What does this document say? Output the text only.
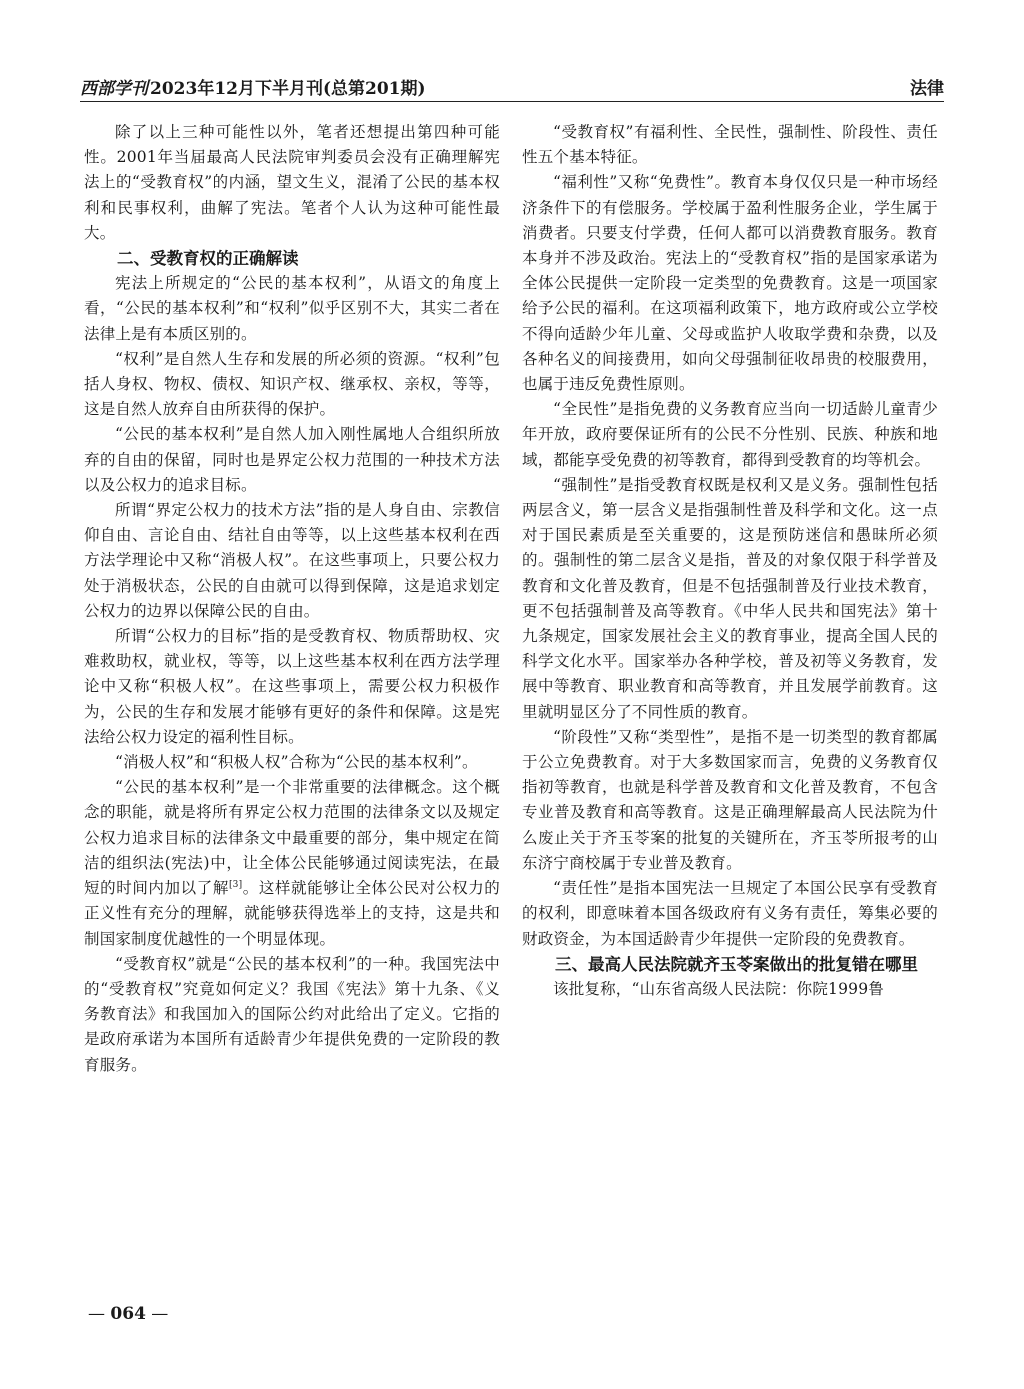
西部学刊 2023年12月下半月刊(总第201期)	法律

除了以上三种可能性以外，笔者还想提出第四种可能性。2001年当届最高人民法院审判委员会没有正确理解宪法上的“受教育权”的内涵，望文生义，混淆了公民的基本权利和民事权利，曲解了宪法。笔者个人认为这种可能性最大。

二、受教育权的正确解读

宪法上所规定的“公民的基本权利”，从语文的角度上看，“公民的基本权利”和“权利”似乎区别不大，其实二者在法律上是有本质区别的。

“权利”是自然人生存和发展的所必须的资源。“权利”包括人身权、物权、债权、知识产权、继承权、亲权，等等，这是自然人放弃自由所获得的保护。

“公民的基本权利”是自然人加入刚性属地人合组织所放弃的自由的保留，同时也是界定公权力范围的一种技术方法以及公权力的追求目标。

所谓“界定公权力的技术方法”指的是人身自由、宗教信仰自由、言论自由、结社自由等等，以上这些基本权利在西方法学理论中又称“消极人权”。在这些事项上，只要公权力处于消极状态，公民的自由就可以得到保障，这是追求划定公权力的边界以保障公民的自由。

所谓“公权力的目标”指的是受教育权、物质帮助权、灾难救助权，就业权，等等，以上这些基本权利在西方法学理论中又称“积极人权”。在这些事项上，需要公权力积极作为，公民的生存和发展才能够有更好的条件和保障。这是宪法给公权力设定的福利性目标。

“消极人权”和“积极人权”合称为“公民的基本权利”。

“公民的基本权利”是一个非常重要的法律概念。这个概念的职能，就是将所有界定公权力范围的法律条文以及规定公权力追求目标的法律条文中最重要的部分，集中规定在简洁的组织法(宪法)中，让全体公民能够通过阅读宪法，在最短的时间内加以了解[3]。这样就能够让全体公民对公权力的正义性有充分的理解，就能够获得选举上的支持，这是共和制国家制度优越性的一个明显体现。

“受教育权”就是“公民的基本权利”的一种。我国宪法中的“受教育权”究竟如何定义？我国《宪法》第十九条、《义务教育法》和我国加入的国际公约对此给出了定义。它指的是政府承诺为本国所有适龄青少年提供免费的一定阶段的教育服务。

“受教育权”有福利性、全民性，强制性、阶段性、责任性五个基本特征。

“福利性”又称“免费性”。教育本身仅仅只是一种市场经济条件下的有偿服务。学校属于盈利性服务企业，学生属于消费者。只要支付学费，任何人都可以消费教育服务。教育本身并不涉及政治。宪法上的“受教育权”指的是国家承诺为全体公民提供一定阶段一定类型的免费教育。这是一项国家给予公民的福利。在这项福利政策下，地方政府或公立学校不得向适龄少年儿童、父母或监护人收取学费和杂费，以及各种名义的间接费用，如向父母强制征收昂贵的校服费用，也属于违反免费性原则。

“全民性”是指免费的义务教育应当向一切适龄儿童青少年开放，政府要保证所有的公民不分性别、民族、种族和地域，都能享受免费的初等教育，都得到受教育的均等机会。

“强制性”是指受教育权既是权利又是义务。强制性包括两层含义，第一层含义是指强制性普及科学和文化。这一点对于国民素质是至关重要的，这是预防迷信和愚昧所必须的。强制性的第二层含义是指，普及的对象仅限于科学普及教育和文化普及教育，但是不包括强制普及行业技术教育，更不包括强制普及高等教育。《中华人民共和国宪法》第十九条规定，国家发展社会主义的教育事业，提高全国人民的科学文化水平。国家举办各种学校，普及初等义务教育，发展中等教育、职业教育和高等教育，并且发展学前教育。这里就明显区分了不同性质的教育。

“阶段性”又称“类型性”，是指不是一切类型的教育都属于公立免费教育。对于大多数国家而言，免费的义务教育仅指初等教育，也就是科学普及教育和文化普及教育，不包含专业普及教育和高等教育。这是正确理解最高人民法院为什么废止关于齐玉苓案的批复的关键所在，齐玉苓所报考的山东济宁商校属于专业普及教育。

“责任性”是指本国宪法一旦规定了本国公民享有受教育的权利，即意味着本国各级政府有义务有责任，筹集必要的财政资金，为本国适龄青少年提供一定阶段的免费教育。

三、最高人民法院就齐玉苓案做出的批复错在哪里

该批复称，“山东省高级人民法院：你院1999鲁

— 064 —
